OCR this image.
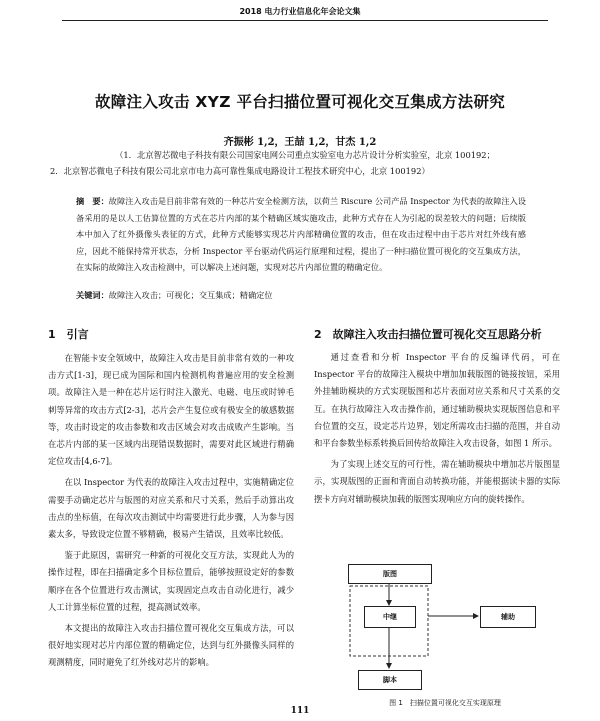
2018 电力行业信息化年会论文集
故障注入攻击 XYZ 平台扫描位置可视化交互集成方法研究
齐振彬 1,2，王喆 1,2，甘杰 1,2
（1．北京智芯微电子科技有限公司国家电网公司重点实验室电力芯片设计分析实验室，北京 100192；
2．北京智芯微电子科技有限公司北京市电力高可靠性集成电路设计工程技术研究中心，北京 100192）
摘　要：故障注入攻击是目前非常有效的一种芯片安全检测方法，以荷兰 Riscure 公司产品 Inspector 为代表的故障注入设备采用的是以人工估算位置的方式在芯片内部的某个精确区域实施攻击，此种方式存在人为引起的误差较大的问题；后续版本中加入了红外摄像头表征的方式，此种方式能够实现芯片内部精确位置的攻击，但在攻击过程中由于芯片对红外线有感应，因此不能保持常开状态，分析 Inspector 平台驱动代码运行原理和过程，提出了一种扫描位置可视化的交互集成方法，在实际的故障注入攻击检测中，可以解决上述问题，实现对芯片内部位置的精确定位。
关键词：故障注入攻击；可视化；交互集成；精确定位
1　引言

在智能卡安全领域中，故障注入攻击是目前非常有效的一种攻击方式[1-3]，现已成为国际和国内检测机构普遍应用的安全检测项。故障注入是一种在芯片运行时注入激光、电磁、电压或时钟毛刺等异常的攻击方式[2-3]，芯片会产生复位或有极安全的敏感数据等，攻击时设定的攻击参数和攻击区域会对攻击成败产生影响。当在芯片内部的某一区域内出现错误数据时，需要对此区域进行精确定位攻击[4,6-7]。

在以 Inspector 为代表的故障注入攻击过程中，实施精确定位需要手动确定芯片与版图的对应关系和尺寸关系，然后手动算出攻击点的坐标值，在每次攻击测试中均需要进行此步骤，人为参与因素太多，导致设定位置不够精确，极易产生错误，且效率比较低。

鉴于此原因，需研究一种新的可视化交互方法，实现此人为的操作过程，即在扫描确定多个目标位置后，能够按照设定好的参数顺序在各个位置进行攻击测试，实现固定点攻击自动化进行，减少人工计算坐标位置的过程，提高测试效率。

本文提出的故障注入攻击扫描位置可视化交互集成方法，可以很好地实现对芯片内部位置的精确定位，达到与红外摄像头同样的观测精度，同时避免了红外线对芯片的影响。

2　故障注入攻击扫描位置可视化交互思路分析

通过查看和分析 Inspector 平台的反编译代码，可在 Inspector 平台的故障注入模块中增加加载版图的链接按钮，采用外挂辅助模块的方式实现版图和芯片表面对应关系和尺寸关系的交互。在执行故障注入攻击操作前，通过辅助模块实现版图信息和平台位置的交互，设定芯片边界，划定所需攻击扫描的范围，并自动和平台参数坐标系转换后回传给故障注入攻击设备，如图 1 所示。

为了实现上述交互的可行性，需在辅助模块中增加芯片版图显示，实现版图的正面和背面自动转换功能，并能根据读卡器的实际摆卡方向对辅助模块加载的版图实现响应方向的旋转操作。

版图
中继	辅助
脚本
图 1　扫描位置可视化交互实现原理
111
